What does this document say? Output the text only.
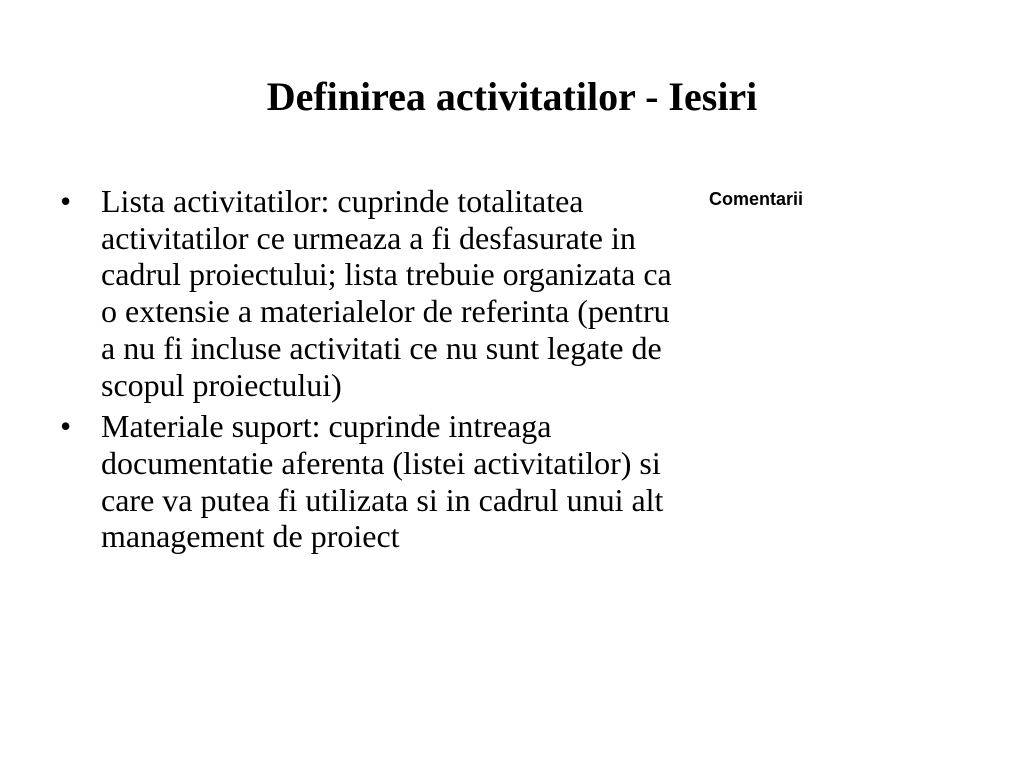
Definirea activitatilor - Iesiri
• Lista activitatilor: cuprinde totalitatea activitatilor ce urmeaza a fi desfasurate in cadrul proiectului; lista trebuie organizata ca o extensie a materialelor de referinta (pentru a nu fi incluse activitati ce nu sunt legate de scopul proiectului)
• Materiale suport: cuprinde intreaga documentatie aferenta (listei activitatilor) si care va putea fi utilizata si in cadrul unui alt management de proiect
Comentarii
